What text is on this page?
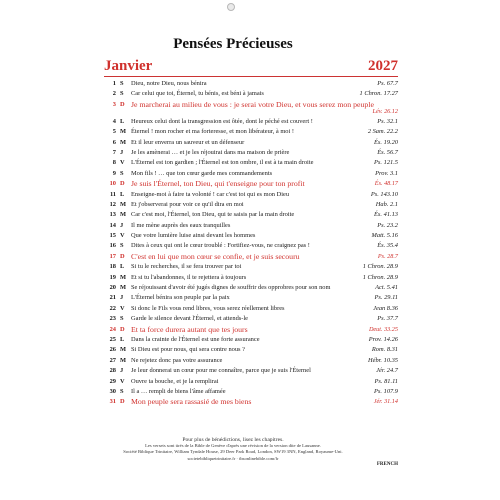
Pensées Précieuses
Janvier	2027
1 S Dieu, notre Dieu, nous bénira	Ps. 67.7
2 S Car celui que toi, Éternel, tu bénis, est béni à jamais	1 Chron. 17.27
3 D Je marcherai au milieu de vous : je serai votre Dieu, et vous serez mon peuple
Lév. 26.12
4 L Heureux celui dont la transgression est ôtée, dont le péché est couvert !	Ps. 32.1
5 M Éternel ! mon rocher et ma forteresse, et mon libérateur, à moi !	2 Sam. 22.2
6 M Et il leur enverra un sauveur et un défenseur	És. 19.20
7 J Je les amènerai … et je les réjouirai dans ma maison de prière	És. 56.7
8 V L'Éternel est ton gardien ; l'Éternel est ton ombre, il est à ta main droite	Ps. 121.5
9 S Mon fils ! … que ton cœur garde mes commandements	Prov. 3.1
10 D Je suis l'Éternel, ton Dieu, qui t'enseigne pour ton profit	És. 48.17
11 L Enseigne-moi à faire ta volonté ! car c'est toi qui es mon Dieu	Ps. 143.10
12 M Et j'observerai pour voir ce qu'il dira en moi	Hab. 2.1
13 M Car c'est moi, l'Éternel, ton Dieu, qui te saisis par la main droite	És. 41.13
14 J Il me mène auprès des eaux tranquilles	Ps. 23.2
15 V Que votre lumière luise ainsi devant les hommes	Matt. 5.16
16 S Dites à ceux qui ont le cœur troublé : Fortifiez-vous, ne craignez pas !	És. 35.4
17 D C'est en lui que mon cœur se confie, et je suis secouru	Ps. 28.7
18 L Si tu le recherches, il se fera trouver par toi	1 Chron. 28.9
19 M Et si tu l'abandonnes, il te rejettera à toujours	1 Chron. 28.9
20 M Se réjouissant d'avoir été jugés dignes de souffrir des opprobres pour son nom	Act. 5.41
21 J L'Éternel bénira son peuple par la paix	Ps. 29.11
22 V Si donc le Fils vous rend libres, vous serez réellement libres	Jean 8.36
23 S Garde le silence devant l'Éternel, et attends-le	Ps. 37.7
24 D Et ta force durera autant que tes jours	Deut. 33.25
25 L Dans la crainte de l'Éternel est une forte assurance	Prov. 14.26
26 M Si Dieu est pour nous, qui sera contre nous ?	Rom. 8.31
27 M Ne rejetez donc pas votre assurance	Hébr. 10.35
28 J Je leur donnerai un cœur pour me connaître, parce que je suis l'Éternel	Jér. 24.7
29 V Ouvre ta bouche, et je la remplirai	Ps. 81.11
30 S Il a … rempli de biens l'âme affamée	Ps. 107.9
31 D Mon peuple sera rassasié de mes biens	Jér. 31.14
Pour plus de bénédictions, lisez les chapitres.
Les versets sont tirés de la Bible de Genève d'après une révision de la version dite de Lausanne.
Société Biblique Trinitaire, William Tyndale House, 29 Deer Park Road, London, SW19 3NN, England, Royaume-Uni.
societebibliquetrinitaire.fr · tbsonlinebible.com/fr
FRENCH
